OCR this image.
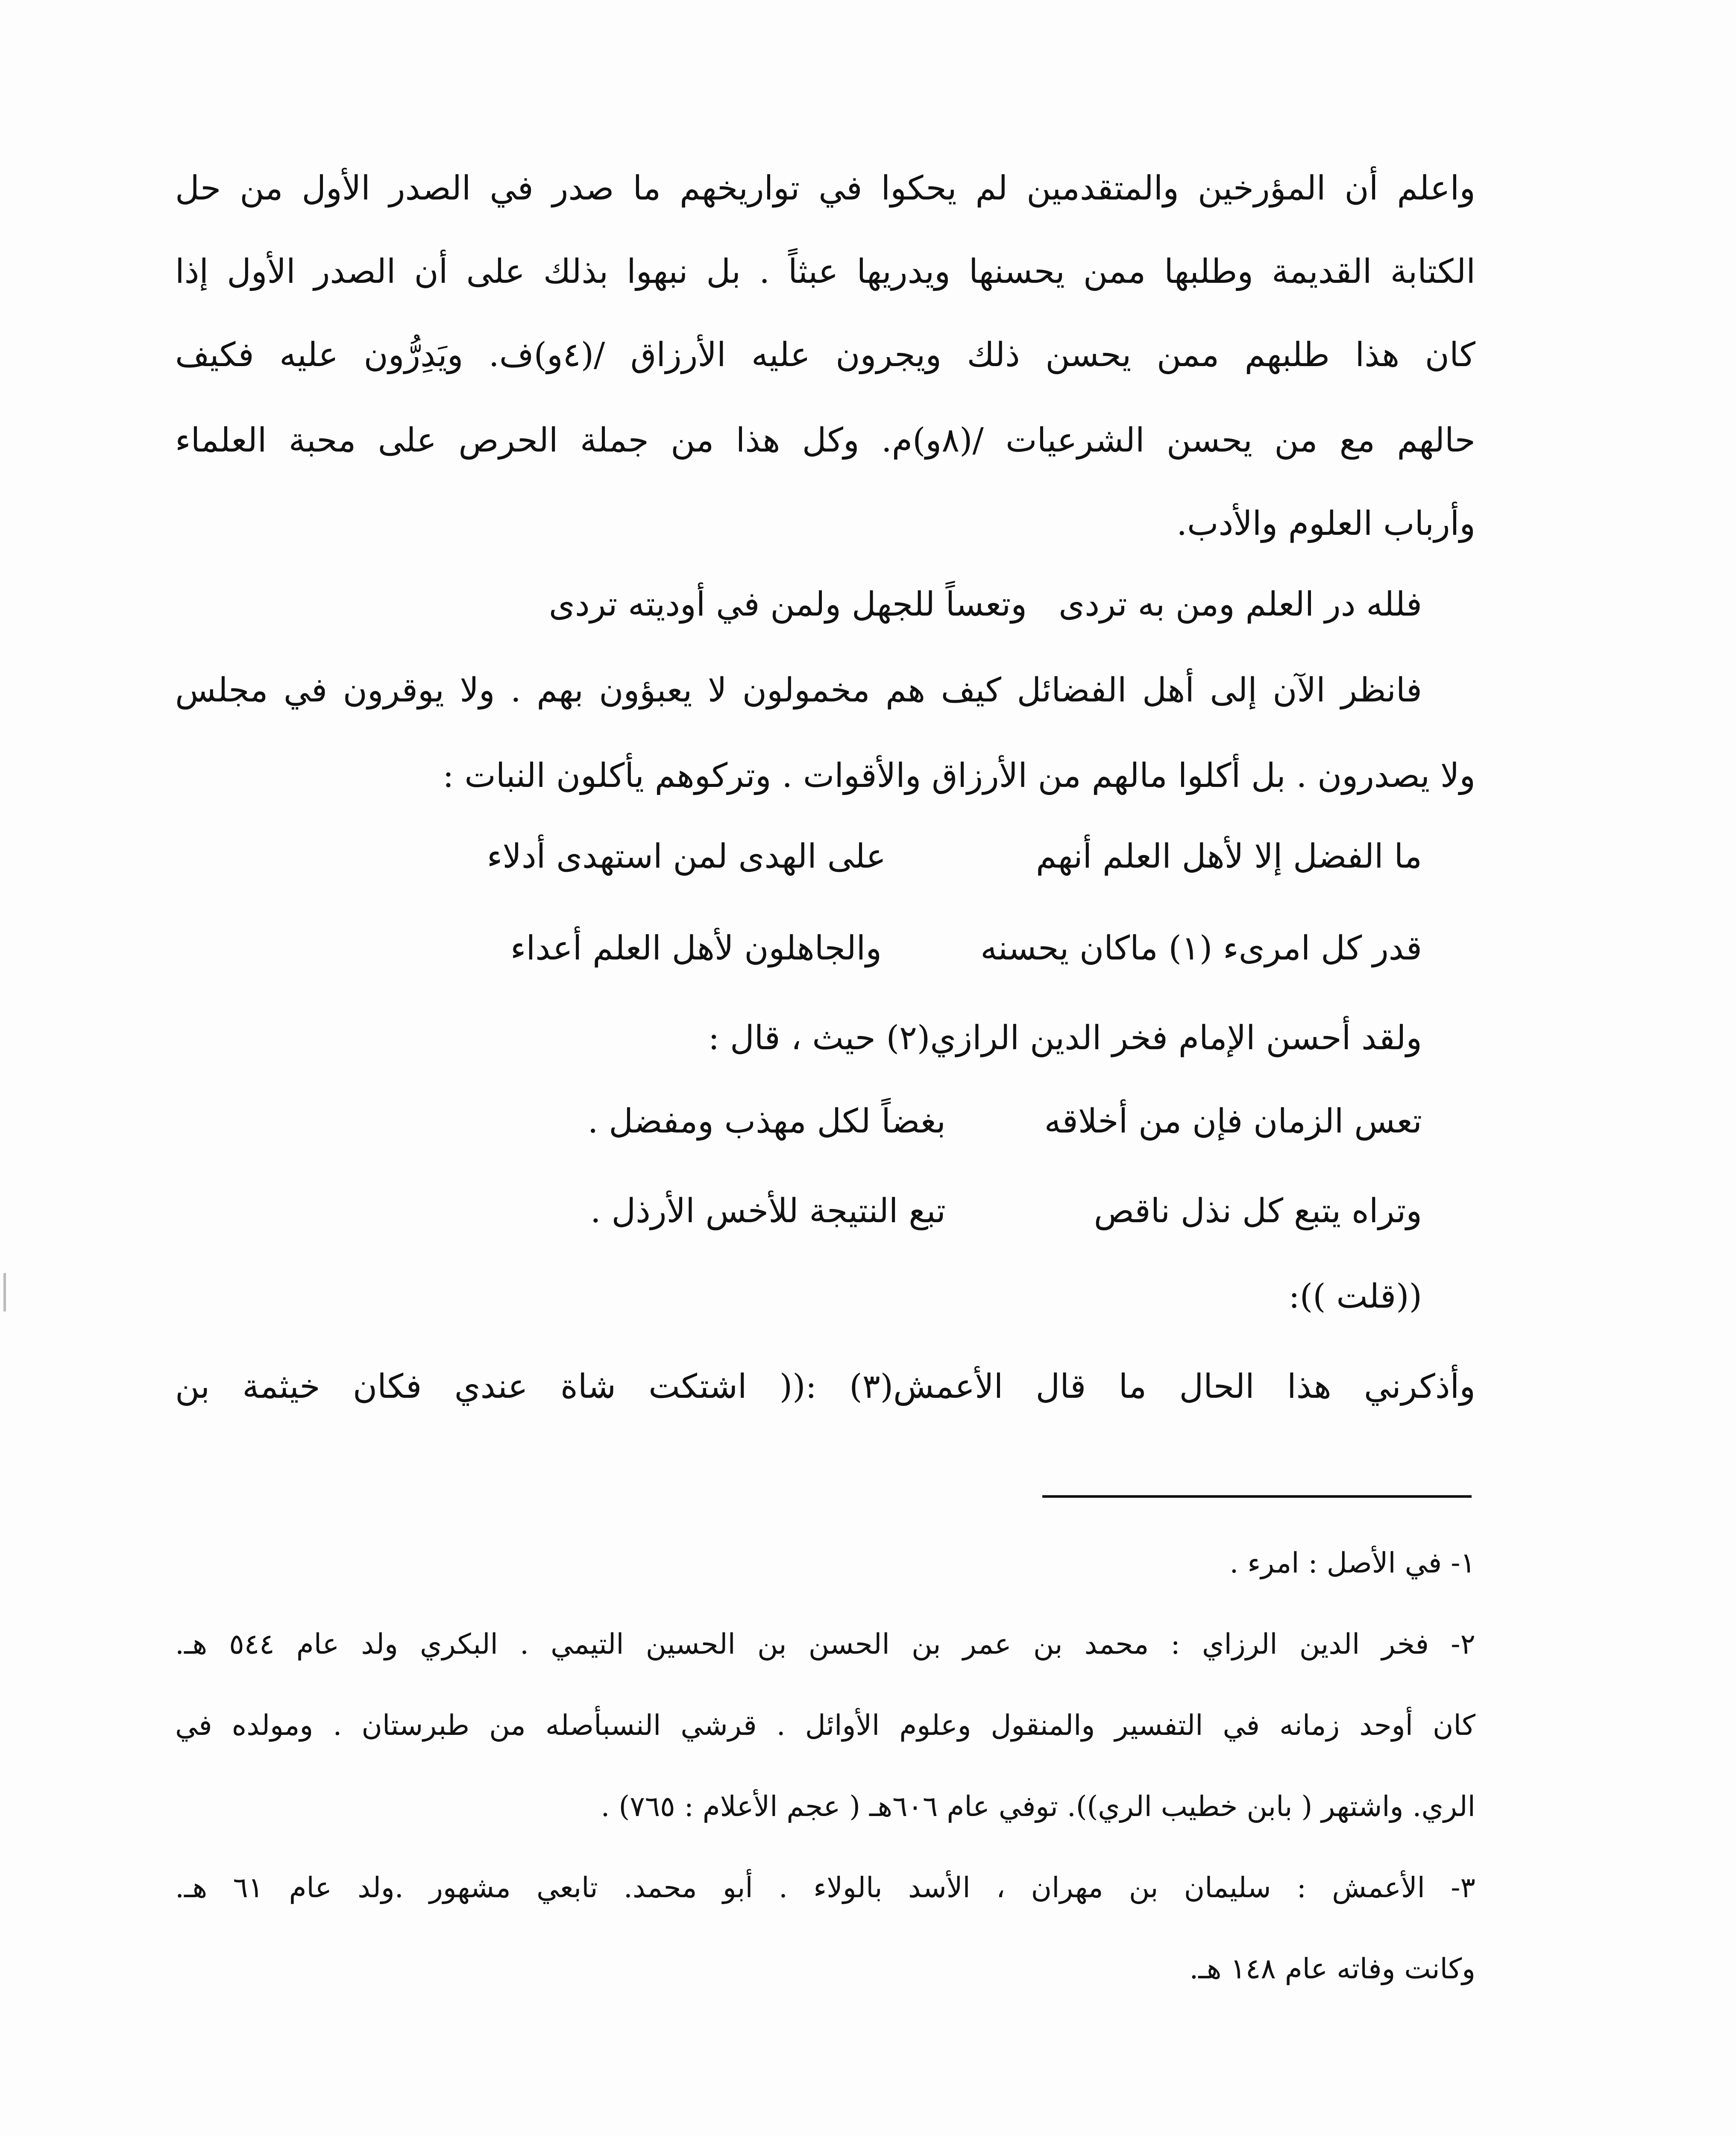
واعلم أن المؤرخين والمتقدمين لم يحكوا في تواريخهم ما صدر في الصدر الأول من حل
الكتابة القديمة وطلبها ممن يحسنها ويدريها عبثاً . بل نبهوا بذلك على أن الصدر الأول إذا
كان هذا طلبهم ممن يحسن ذلك ويجرون عليه الأرزاق /(٤و)ف. ويَدِرُّون عليه فكيف
حالهم مع من يحسن الشرعيات /(٨و)م. وكل هذا من جملة الحرص على محبة العلماء
وأرباب العلوم والأدب.
فلله در العلم ومن به تردى
وتعساً للجهل ولمن في أوديته تردى
فانظر الآن إلى أهل الفضائل كيف هم مخمولون لا يعبؤون بهم . ولا يوقرون في مجلس
ولا يصدرون . بل أكلوا مالهم من الأرزاق والأقوات . وتركوهم يأكلون النبات :
ما الفضل إلا لأهل العلم أنهم
على الهدى لمن استهدى أدلاء
قدر كل امرىء (١) ماكان يحسنه
والجاهلون لأهل العلم أعداء
ولقد أحسن الإمام فخر الدين الرازي(٢) حيث ، قال :
تعس الزمان فإن من أخلاقه
بغضاً لكل مهذب ومفضل .
وتراه يتبع كل نذل ناقص
تبع النتيجة للأخس الأرذل .
((قلت )):
وأذكرني هذا الحال ما قال الأعمش(٣) :(( اشتكت شاة عندي فكان خيثمة بن
١- في الأصل : امرء .
٢- فخر الدين الرزاي : محمد بن عمر بن الحسن بن الحسين التيمي . البكري ولد عام ٥٤٤ هـ.
كان أوحد زمانه في التفسير والمنقول وعلوم الأوائل . قرشي النسبأصله من طبرستان . ومولده في
الري. واشتهر ( بابن خطيب الري)). توفي عام ٦٠٦هـ ( عجم الأعلام : ٧٦٥) .
٣- الأعمش : سليمان بن مهران ، الأسد بالولاء . أبو محمد. تابعي مشهور .ولد عام ٦١ هـ.
وكانت وفاته عام ١٤٨ هـ.
